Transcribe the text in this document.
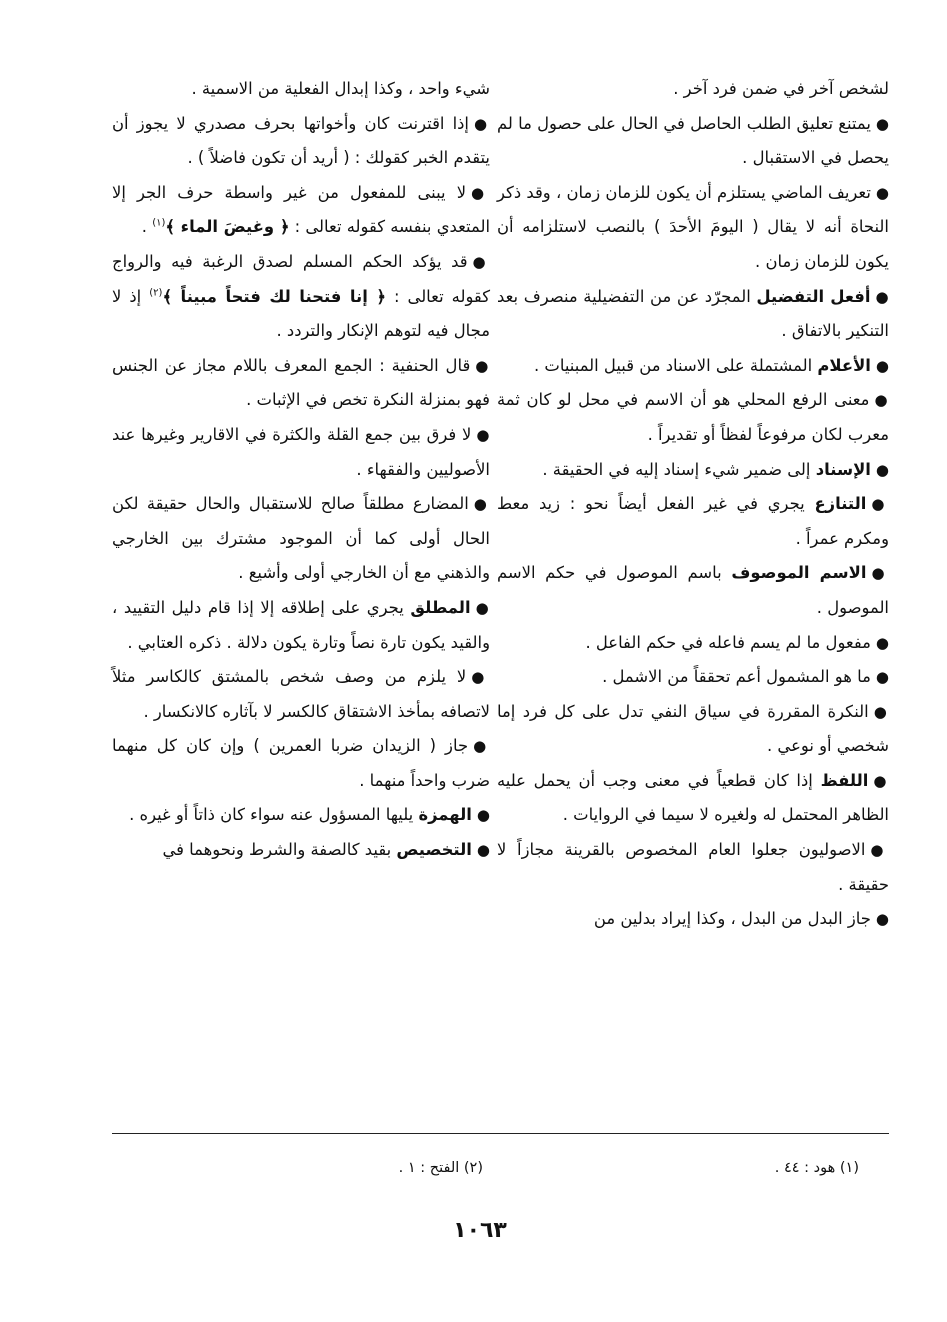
لشخص آخر في ضمن فرد آخر .

●يمتنع تعليق الطلب الحاصل في الحال على حصول ما لم يحصل في الاستقبال .

●تعريف الماضي يستلزم أن يكون للزمان زمان ، وقد ذكر النحاة أنه لا يقال ( اليومَ الأحدَ ) بالنصب لاستلزامه أن يكون للزمان زمان .

●أفعل التفضيل المجرّد عن من التفضيلية منصرف بعد التنكير بالاتفاق .

●الأعلام المشتملة على الاسناد من قبيل المبنيات .

●معنى الرفع المحلي هو أن الاسم في محل لو كان ثمة معرب لكان مرفوعاً لفظاً أو تقديراً .

●الإسناد إلى ضمير شيء إسناد إليه في الحقيقة .

●التنازع يجري في غير الفعل أيضاً نحو : زيد معط ومكرم عمراً .

●الاسم الموصوف باسم الموصول في حكم الاسم الموصول .

●مفعول ما لم يسم فاعله في حكم الفاعل .

●ما هو المشمول أعم تحققاً من الاشمل .

●النكرة المقررة في سياق النفي تدل على كل فرد إما شخصي أو نوعي .

●اللفظ إذا كان قطعياً في معنى وجب أن يحمل عليه الظاهر المحتمل له ولغيره لا سيما في الروايات .

●الاصوليون جعلوا العام المخصوص بالقرينة مجازاً لا حقيقة .

●جاز البدل من البدل ، وكذا إيراد بدلين من

شيء واحد ، وكذا إبدال الفعلية من الاسمية .

●إذا اقترنت كان وأخواتها بحرف مصدري لا يجوز أن يتقدم الخبر كقولك : ( أريد أن تكون فاضلاً ) .

●لا يبنى للمفعول من غير واسطة حرف الجر إلا المتعدي بنفسه كقوله تعالى : ﴿ وغيضَ الماء ﴾$^{(١)}$ .

●قد يؤكد الحكم المسلم لصدق الرغبة فيه والرواج كقوله تعالى : ﴿ إنا فتحنا لك فتحاً مبيناً ﴾$^{(٢)}$ إذ لا مجال فيه لتوهم الإنكار والتردد .

●قال الحنفية : الجمع المعرف باللام مجاز عن الجنس فهو بمنزلة النكرة تخص في الإثبات .

●لا فرق بين جمع القلة والكثرة في الاقارير وغيرها عند الأصوليين والفقهاء .

●المضارع مطلقاً صالح للاستقبال والحال حقيقة لكن الحال أولى كما أن الموجود مشترك بين الخارجي والذهني مع أن الخارجي أولى وأشيع .

●المطلق يجري على إطلاقه إلا إذا قام دليل التقييد ، والقيد يكون تارة نصاً وتارة يكون دلالة . ذكره العتابي .

●لا يلزم من وصف شخص بالمشتق كالكاسر مثلاً لاتصافه بمأخذ الاشتقاق كالكسر لا بآثاره كالانكسار .

●جاز ( الزيدان ضربا العمرين ) وإن كان كل منهما ضرب واحداً منهما .

●الهمزة يليها المسؤول عنه سواء كان ذاتاً أو غيره .

●التخصيص بقيد كالصفة والشرط ونحوهما في

(١) هود : ٤٤ .
(٢) الفتح : ١ .
١٠٦٣
